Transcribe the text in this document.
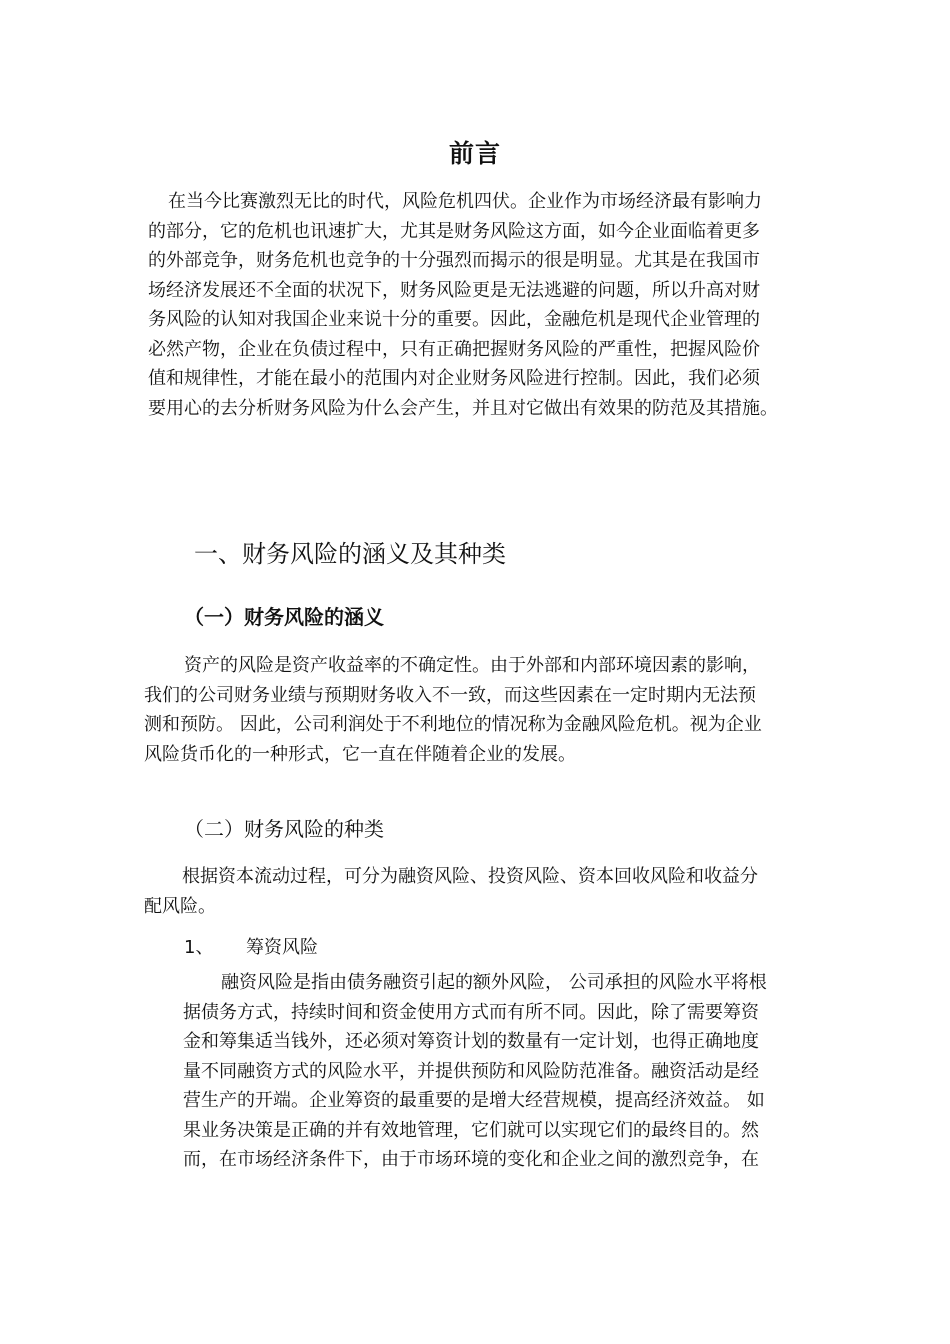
前言
在当今比赛激烈无比的时代，风险危机四伏。企业作为市场经济最有影响力
的部分，它的危机也讯速扩大，尤其是财务风险这方面，如今企业面临着更多
的外部竞争，财务危机也竞争的十分强烈而揭示的很是明显。尤其是在我国市
场经济发展还不全面的状况下，财务风险更是无法逃避的问题，所以升高对财
务风险的认知对我国企业来说十分的重要。因此，金融危机是现代企业管理的
必然产物，企业在负债过程中，只有正确把握财务风险的严重性，把握风险价
值和规律性，才能在最小的范围内对企业财务风险进行控制。因此，我们必须
要用心的去分析财务风险为什么会产生，并且对它做出有效果的防范及其措施。
一、财务风险的涵义及其种类
（一）财务风险的涵义
资产的风险是资产收益率的不确定性。由于外部和内部环境因素的影响，
我们的公司财务业绩与预期财务收入不一致，而这些因素在一定时期内无法预
测和预防。 因此，公司利润处于不利地位的情况称为金融风险危机。视为企业
风险货币化的一种形式，它一直在伴随着企业的发展。
（二）财务风险的种类
根据资本流动过程，可分为融资风险、投资风险、资本回收风险和收益分
配风险。
1、 筹资风险
融资风险是指由债务融资引起的额外风险， 公司承担的风险水平将根
据债务方式，持续时间和资金使用方式而有所不同。因此，除了需要筹资
金和筹集适当钱外，还必须对筹资计划的数量有一定计划，也得正确地度
量不同融资方式的风险水平，并提供预防和风险防范准备。融资活动是经
营生产的开端。企业筹资的最重要的是增大经营规模，提高经济效益。 如
果业务决策是正确的并有效地管理，它们就可以实现它们的最终目的。然
而，在市场经济条件下，由于市场环境的变化和企业之间的激烈竞争，在
